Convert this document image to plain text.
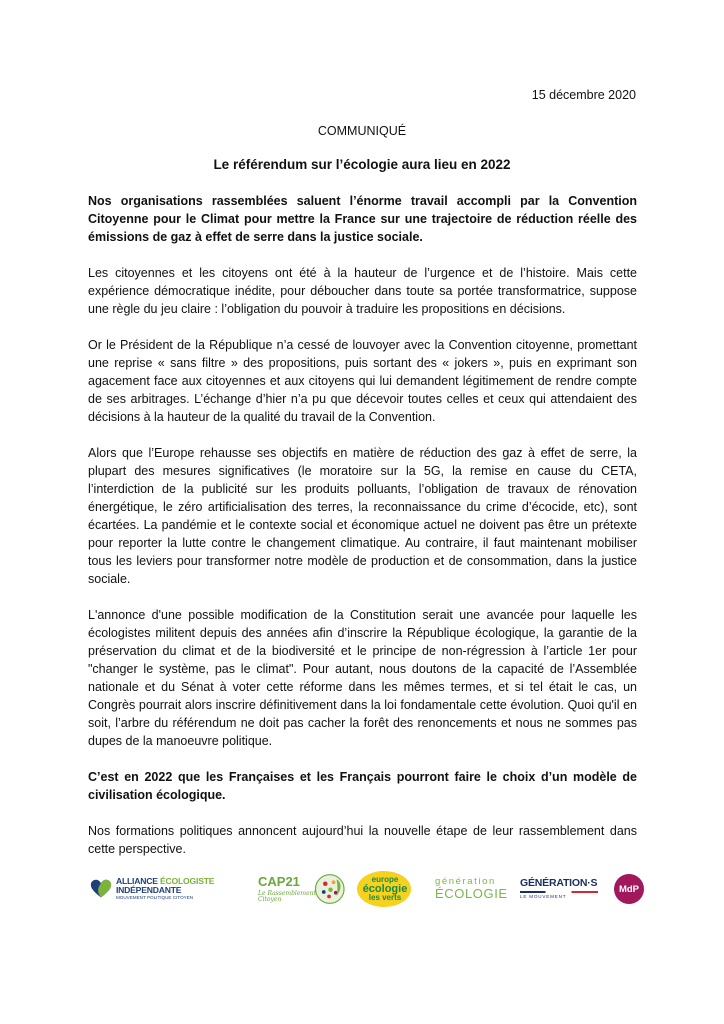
15 décembre 2020
COMMUNIQUÉ
Le référendum sur l’écologie aura lieu en 2022

Nos organisations rassemblées saluent l’énorme travail accompli par la Convention Citoyenne pour le Climat pour mettre la France sur une trajectoire de réduction réelle des émissions de gaz à effet de serre dans la justice sociale.

Les citoyennes et les citoyens ont été à la hauteur de l’urgence et de l’histoire. Mais cette expérience démocratique inédite, pour déboucher dans toute sa portée transformatrice, suppose une règle du jeu claire : l’obligation du pouvoir à traduire les propositions en décisions.

Or le Président de la République n’a cessé de louvoyer avec la Convention citoyenne, promettant une reprise « sans filtre » des propositions, puis sortant des « jokers », puis en exprimant son agacement face aux citoyennes et aux citoyens qui lui demandent légitimement de rendre compte de ses arbitrages. L’échange d’hier n’a pu que décevoir toutes celles et ceux qui attendaient des décisions à la hauteur de la qualité du travail de la Convention.

Alors que l’Europe rehausse ses objectifs en matière de réduction des gaz à effet de serre, la plupart des mesures significatives (le moratoire sur la 5G, la remise en cause du CETA, l’interdiction de la publicité sur les produits polluants, l’obligation de travaux de rénovation énergétique, le zéro artificialisation des terres, la reconnaissance du crime d’écocide, etc), sont écartées. La pandémie et le contexte social et économique actuel ne doivent pas être un prétexte pour reporter la lutte contre le changement climatique. Au contraire, il faut maintenant mobiliser tous les leviers pour transformer notre modèle de production et de consommation, dans la justice sociale.

L'annonce d'une possible modification de la Constitution serait une avancée pour laquelle les écologistes militent depuis des années afin d’inscrire la République écologique, la garantie de la préservation du climat et de la biodiversité et le principe de non-régression à l’article 1er pour "changer le système, pas le climat". Pour autant, nous doutons de la capacité de l’Assemblée nationale et du Sénat à voter cette réforme dans les mêmes termes, et si tel était le cas, un Congrès pourrait alors inscrire définitivement dans la loi fondamentale cette évolution. Quoi qu'il en soit, l’arbre du référendum ne doit pas cacher la forêt des renoncements et nous ne sommes pas dupes de la manoeuvre politique.

C’est en 2022 que les Françaises et les Français pourront faire le choix d’un modèle de civilisation écologique.

Nos formations politiques annoncent aujourd’hui la nouvelle étape de leur rassemblement dans cette perspective.

ALLIANCE ÉCOLOGISTE INDÉPENDANTE
MOUVEMENT POLITIQUE CITOYEN
CAP21
Le Rassemblement Citoyen
europe
écologie
les verts
génération
ÉCOLOGIE
GÉNÉRATION·S
LE MOUVEMENT
MdP
